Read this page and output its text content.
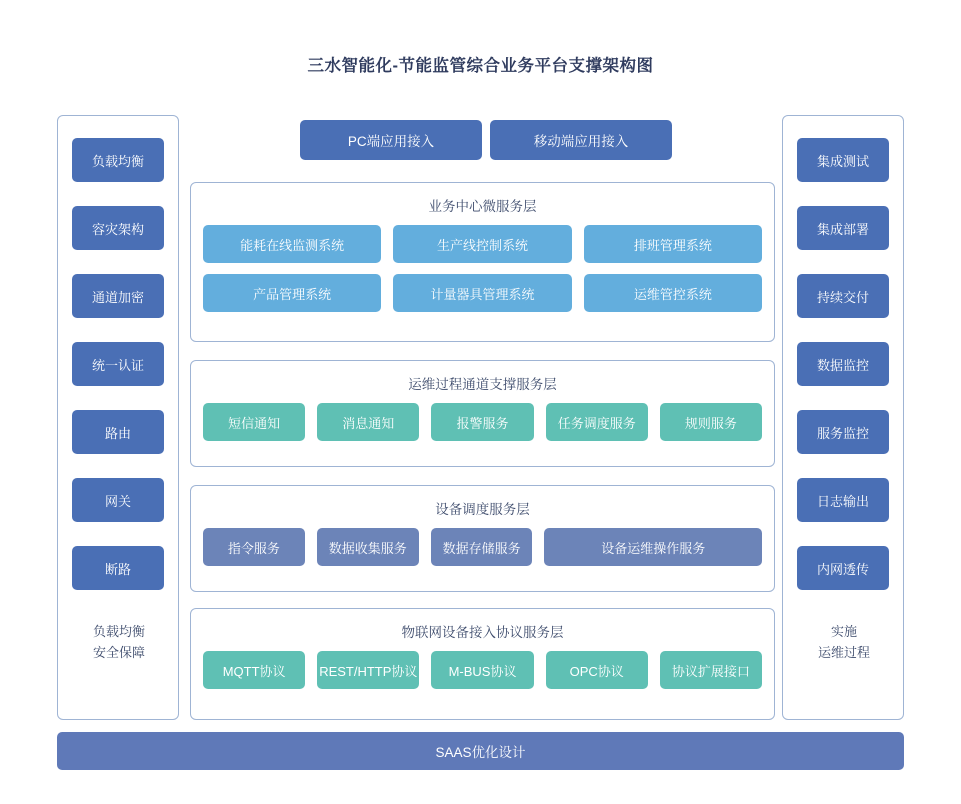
三水智能化-节能监管综合业务平台支撑架构图
PC端应用接入	移动端应用接入
负载均衡
容灾架构
通道加密
统一认证
路由
网关
断路
负载均衡
安全保障
集成测试
集成部署
持续交付
数据监控
服务监控
日志输出
内网透传
实施
运维过程
业务中心微服务层
能耗在线监测系统	生产线控制系统	排班管理系统
产品管理系统	计量器具管理系统	运维管控系统
运维过程通道支撑服务层
短信通知	消息通知	报警服务	任务调度服务	规则服务
设备调度服务层
指令服务	数据收集服务	数据存储服务	设备运维操作服务
物联网设备接入协议服务层
MQTT协议	REST/HTTP协议	M-BUS协议	OPC协议	协议扩展接口
SAAS优化设计
